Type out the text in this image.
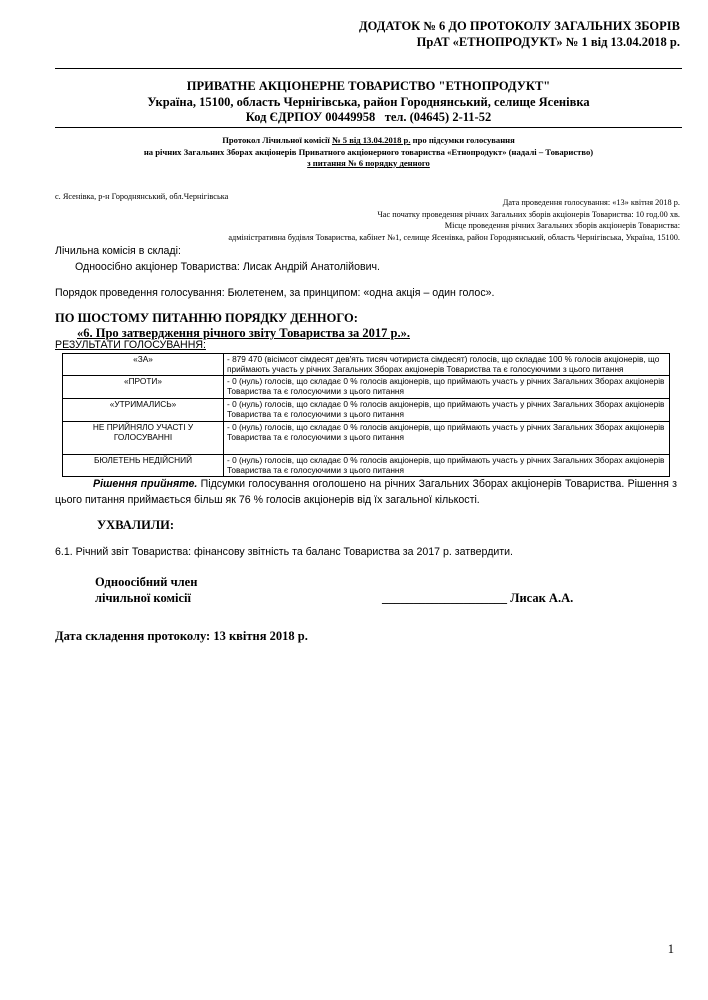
ДОДАТОК № 6 ДО ПРОТОКОЛУ ЗАГАЛЬНИХ ЗБОРІВ
ПрАТ «ЕТНОПРОДУКТ» № 1 від 13.04.2018 р.
ПРИВАТНЕ АКЦІОНЕРНЕ ТОВАРИСТВО "ЕТНОПРОДУКТ"
Україна, 15100, область Чернігівська, район Городнянський, селище Ясенівка
Код ЄДРПОУ 00449958 тел. (04645) 2-11-52
Протокол Лічильної комісії № 5 від 13.04.2018 р. про підсумки голосування
на річних Загальних Зборах акціонерів Приватного акціонерного товариства «Етнопродукт» (надалі – Товариство)
з питання № 6 порядку денного
с. Ясенівка, р-н Городнянський, обл.Чернігівська
Дата проведення голосування: «13» квітня 2018 р.
Час початку проведення річних Загальних зборів акціонерів Товариства: 10 год.00 хв.
Місце проведення річних Загальних зборів акціонерів Товариства:
адміністративна будівля Товариства, кабінет №1, селище Ясенівка, район Городнянський, область Чернігівська, Україна, 15100.
Лічильна комісія в складі:
Одноосібно акціонер Товариства: Лисак Андрій Анатолійович.
Порядок проведення голосування: Бюлетенем, за принципом: «одна акція – один голос».
ПО ШОСТОМУ ПИТАННЮ ПОРЯДКУ ДЕННОГО:
«6. Про затвердження річного звіту Товариства за 2017 р.».
РЕЗУЛЬТАТИ ГОЛОСУВАННЯ:
«ЗА»	- 879 470 (вісімсот сімдесят дев'ять тисяч чотириста сімдесят) голосів, що складає 100 % голосів акціонерів, що приймають участь у річних Загальних Зборах акціонерів Товариства та є голосуючими з цього питання
«ПРОТИ»	- 0 (нуль) голосів, що складає 0 % голосів акціонерів, що приймають участь у річних Загальних Зборах акціонерів Товариства та є голосуючими з цього питання
«УТРИМАЛИСЬ»	- 0 (нуль) голосів, що складає 0 % голосів акціонерів, що приймають участь у річних Загальних Зборах акціонерів Товариства та є голосуючими з цього питання
НЕ ПРИЙНЯЛО УЧАСТІ У ГОЛОСУВАННІ	- 0 (нуль) голосів, що складає 0 % голосів акціонерів, що приймають участь у річних Загальних Зборах акціонерів Товариства та є голосуючими з цього питання
БЮЛЕТЕНЬ НЕДІЙСНИЙ	- 0 (нуль) голосів, що складає 0 % голосів акціонерів, що приймають участь у річних Загальних Зборах акціонерів Товариства та є голосуючими з цього питання
Рішення прийняте. Підсумки голосування оголошено на річних Загальних Зборах акціонерів Товариства. Рішення з цього питання приймається більш як 76 % голосів акціонерів від їх загальної кількості.
УХВАЛИЛИ:
6.1. Річний звіт Товариства: фінансову звітність та баланс Товариства за 2017 р. затвердити.
Одноосібний член
лічильної комісії	____________________ Лисак А.А.
Дата складення протоколу: 13 квітня 2018 р.
1
